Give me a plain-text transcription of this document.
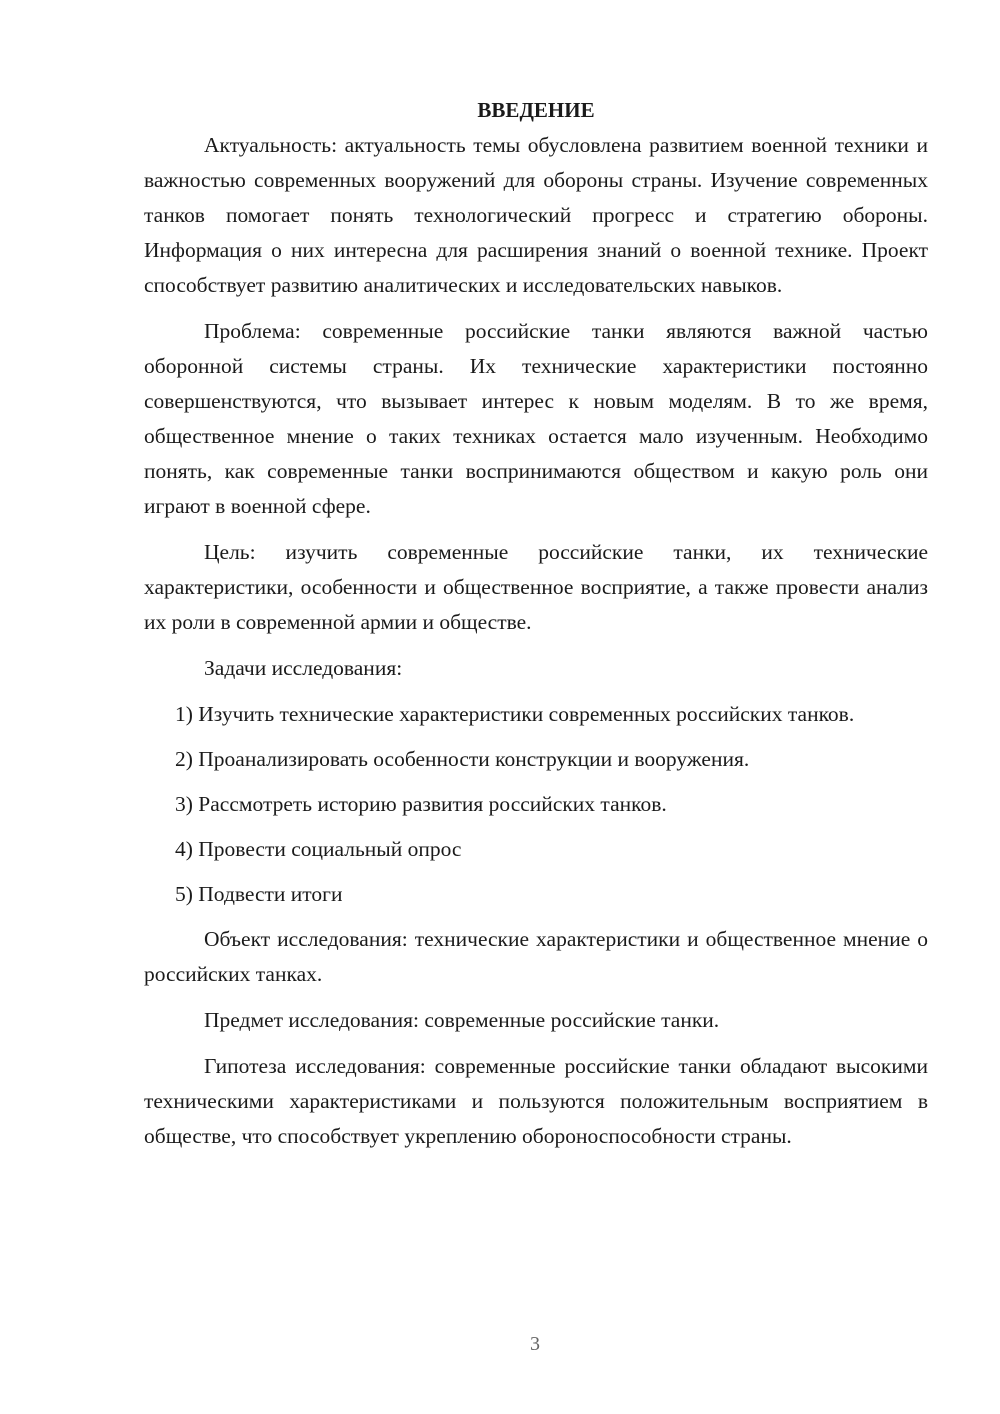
ВВЕДЕНИЕ

Актуальность: актуальность темы обусловлена развитием военной техники и важностью современных вооружений для обороны страны. Изучение современных танков помогает понять технологический прогресс и стратегию обороны. Информация о них интересна для расширения знаний о военной технике. Проект способствует развитию аналитических и исследовательских навыков.

Проблема: современные российские танки являются важной частью оборонной системы страны. Их технические характеристики постоянно совершенствуются, что вызывает интерес к новым моделям. В то же время, общественное мнение о таких техниках остается мало изученным. Необходимо понять, как современные танки воспринимаются обществом и какую роль они играют в военной сфере.

Цель: изучить современные российские танки, их технические характеристики, особенности и общественное восприятие, а также провести анализ их роли в современной армии и обществе.

Задачи исследования:

1) Изучить технические характеристики современных российских танков.

2) Проанализировать особенности конструкции и вооружения.

3) Рассмотреть историю развития российских танков.

4) Провести социальный опрос

5) Подвести итоги

Объект исследования: технические характеристики и общественное мнение о российских танках.

Предмет исследования: современные российские танки.

Гипотеза исследования: современные российские танки обладают высокими техническими характеристиками и пользуются положительным восприятием в обществе, что способствует укреплению обороноспособности страны.

3
